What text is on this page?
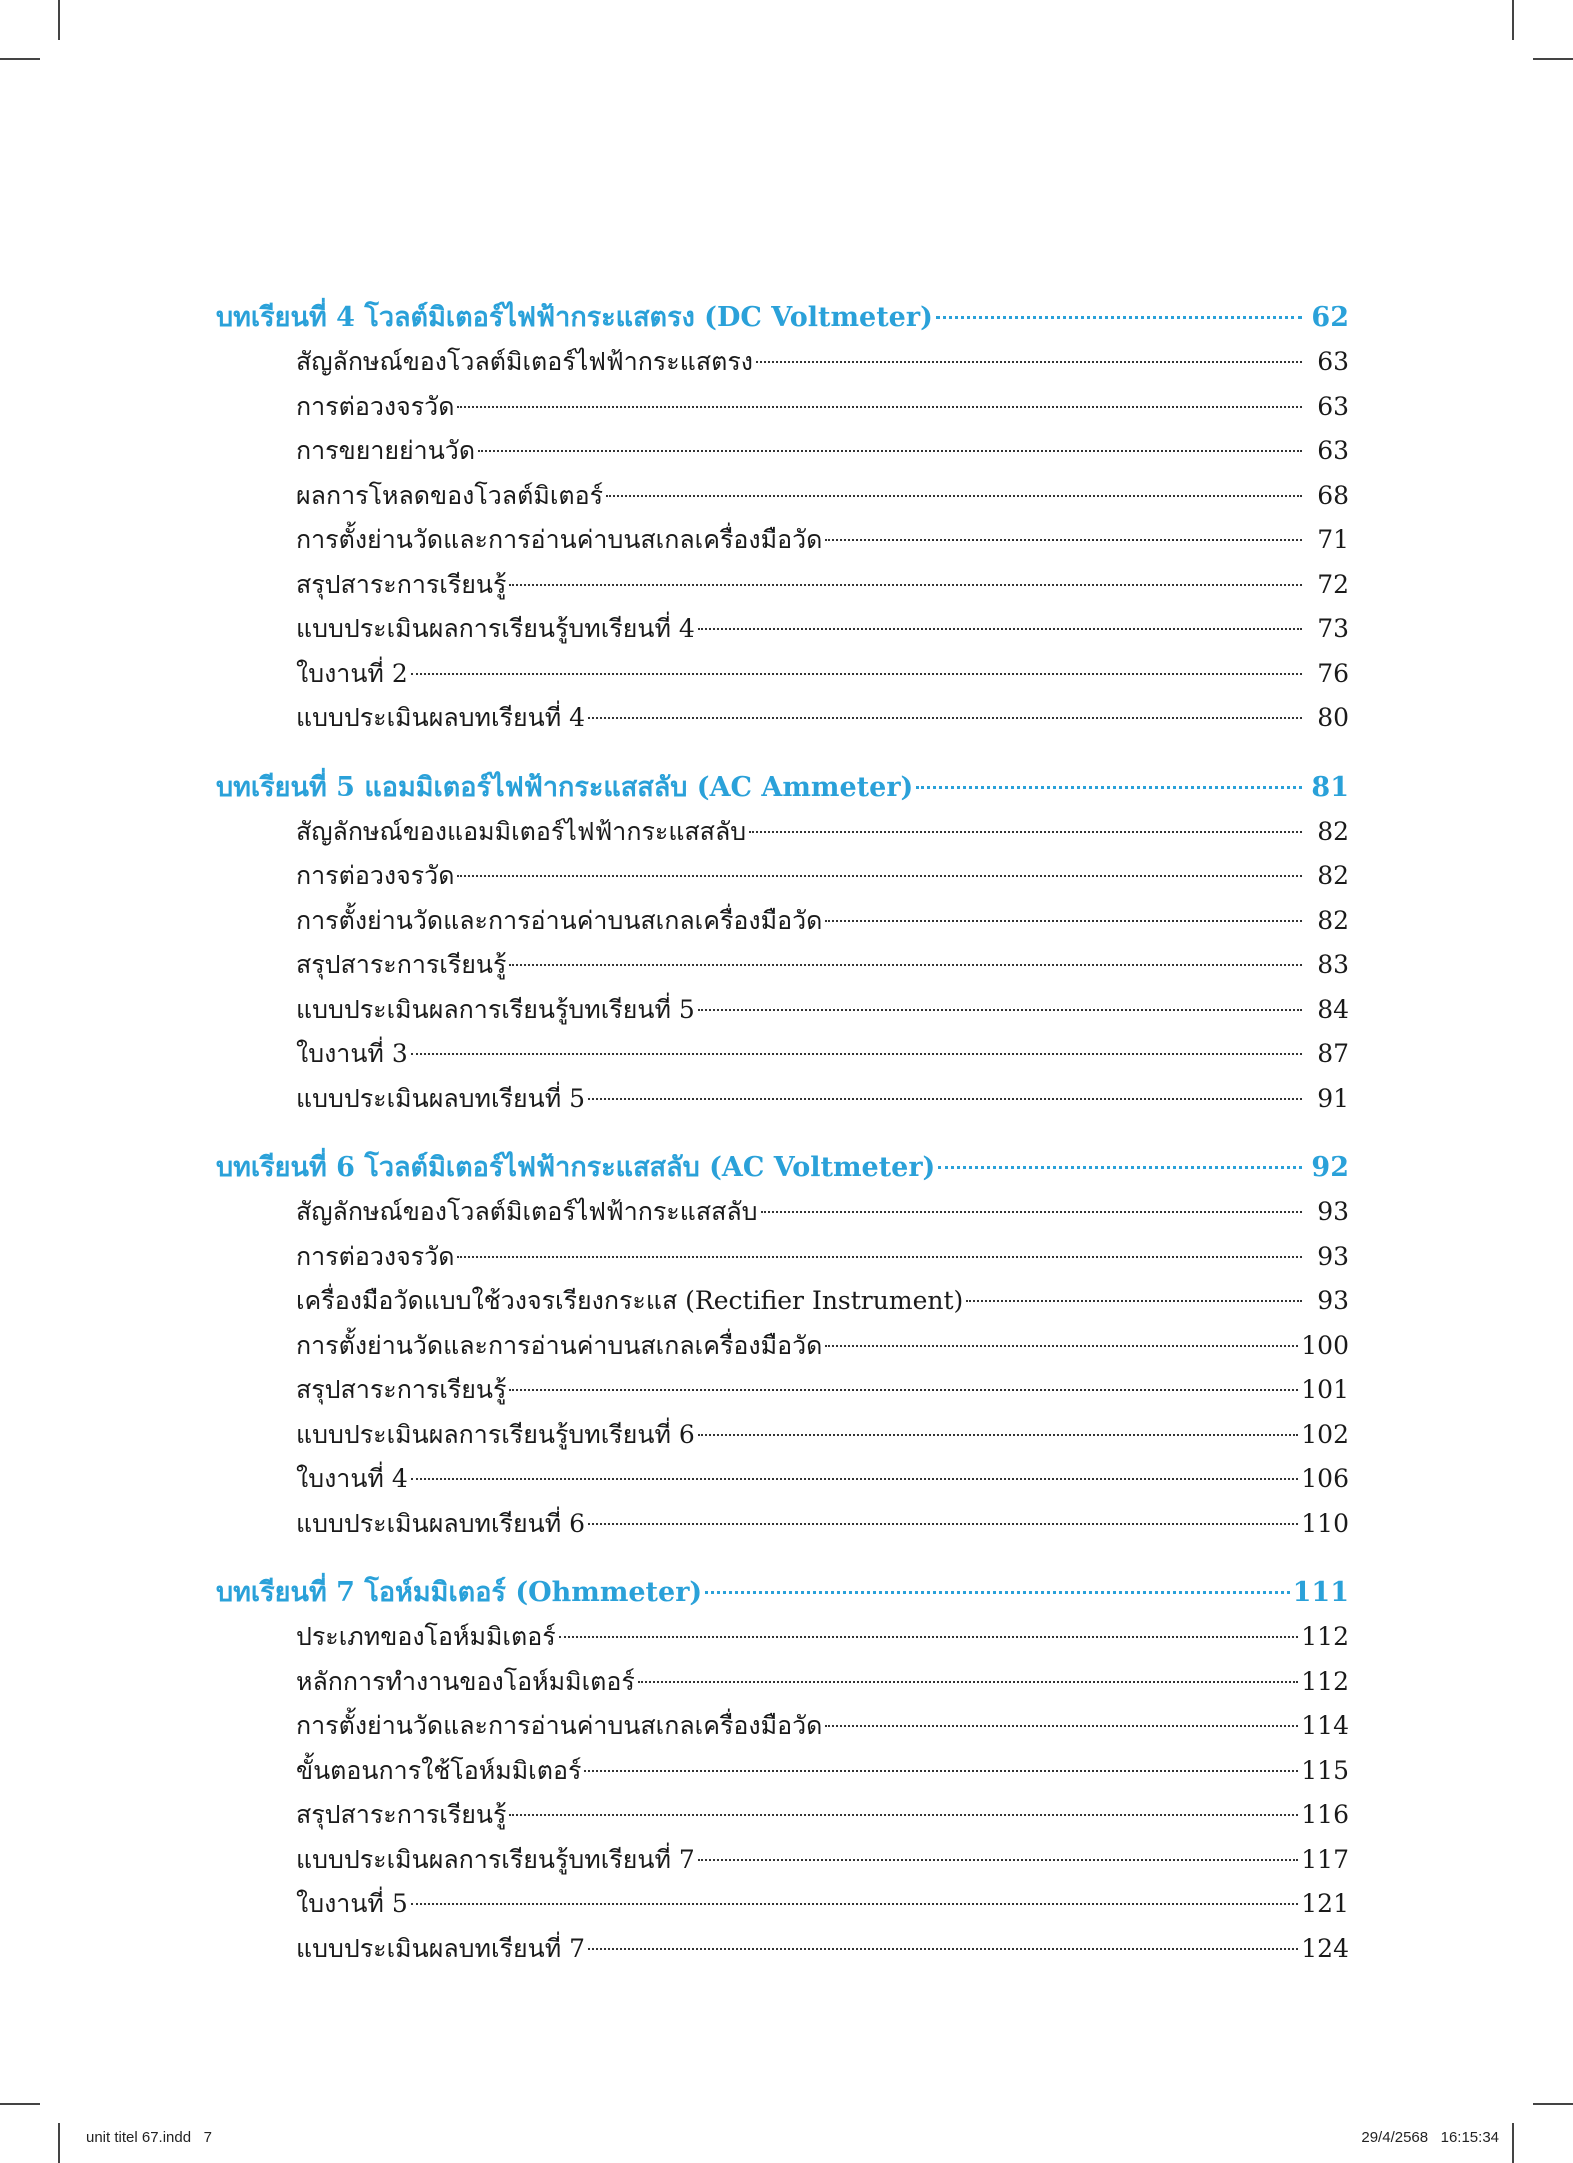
บทเรียนที่ 4 โวลต์มิเตอร์ไฟฟ้ากระแสตรง (DC Voltmeter)	62
สัญลักษณ์ของโวลต์มิเตอร์ไฟฟ้ากระแสตรง	63
การต่อวงจรวัด	63
การขยายย่านวัด	63
ผลการโหลดของโวลต์มิเตอร์	68
การตั้งย่านวัดและการอ่านค่าบนสเกลเครื่องมือวัด	71
สรุปสาระการเรียนรู้	72
แบบประเมินผลการเรียนรู้บทเรียนที่ 4	73
ใบงานที่ 2	76
แบบประเมินผลบทเรียนที่ 4	80
บทเรียนที่ 5 แอมมิเตอร์ไฟฟ้ากระแสสลับ (AC Ammeter)	81
สัญลักษณ์ของแอมมิเตอร์ไฟฟ้ากระแสสลับ	82
การต่อวงจรวัด	82
การตั้งย่านวัดและการอ่านค่าบนสเกลเครื่องมือวัด	82
สรุปสาระการเรียนรู้	83
แบบประเมินผลการเรียนรู้บทเรียนที่ 5	84
ใบงานที่ 3	87
แบบประเมินผลบทเรียนที่ 5	91
บทเรียนที่ 6 โวลต์มิเตอร์ไฟฟ้ากระแสสลับ (AC Voltmeter)	92
สัญลักษณ์ของโวลต์มิเตอร์ไฟฟ้ากระแสสลับ	93
การต่อวงจรวัด	93
เครื่องมือวัดแบบใช้วงจรเรียงกระแส (Rectifier Instrument)	93
การตั้งย่านวัดและการอ่านค่าบนสเกลเครื่องมือวัด	100
สรุปสาระการเรียนรู้	101
แบบประเมินผลการเรียนรู้บทเรียนที่ 6	102
ใบงานที่ 4	106
แบบประเมินผลบทเรียนที่ 6	110
บทเรียนที่ 7 โอห์มมิเตอร์ (Ohmmeter)	111
ประเภทของโอห์มมิเตอร์	112
หลักการทำงานของโอห์มมิเตอร์	112
การตั้งย่านวัดและการอ่านค่าบนสเกลเครื่องมือวัด	114
ขั้นตอนการใช้โอห์มมิเตอร์	115
สรุปสาระการเรียนรู้	116
แบบประเมินผลการเรียนรู้บทเรียนที่ 7	117
ใบงานที่ 5	121
แบบประเมินผลบทเรียนที่ 7	124
unit titel 67.indd   7	29/4/2568   16:15:34
